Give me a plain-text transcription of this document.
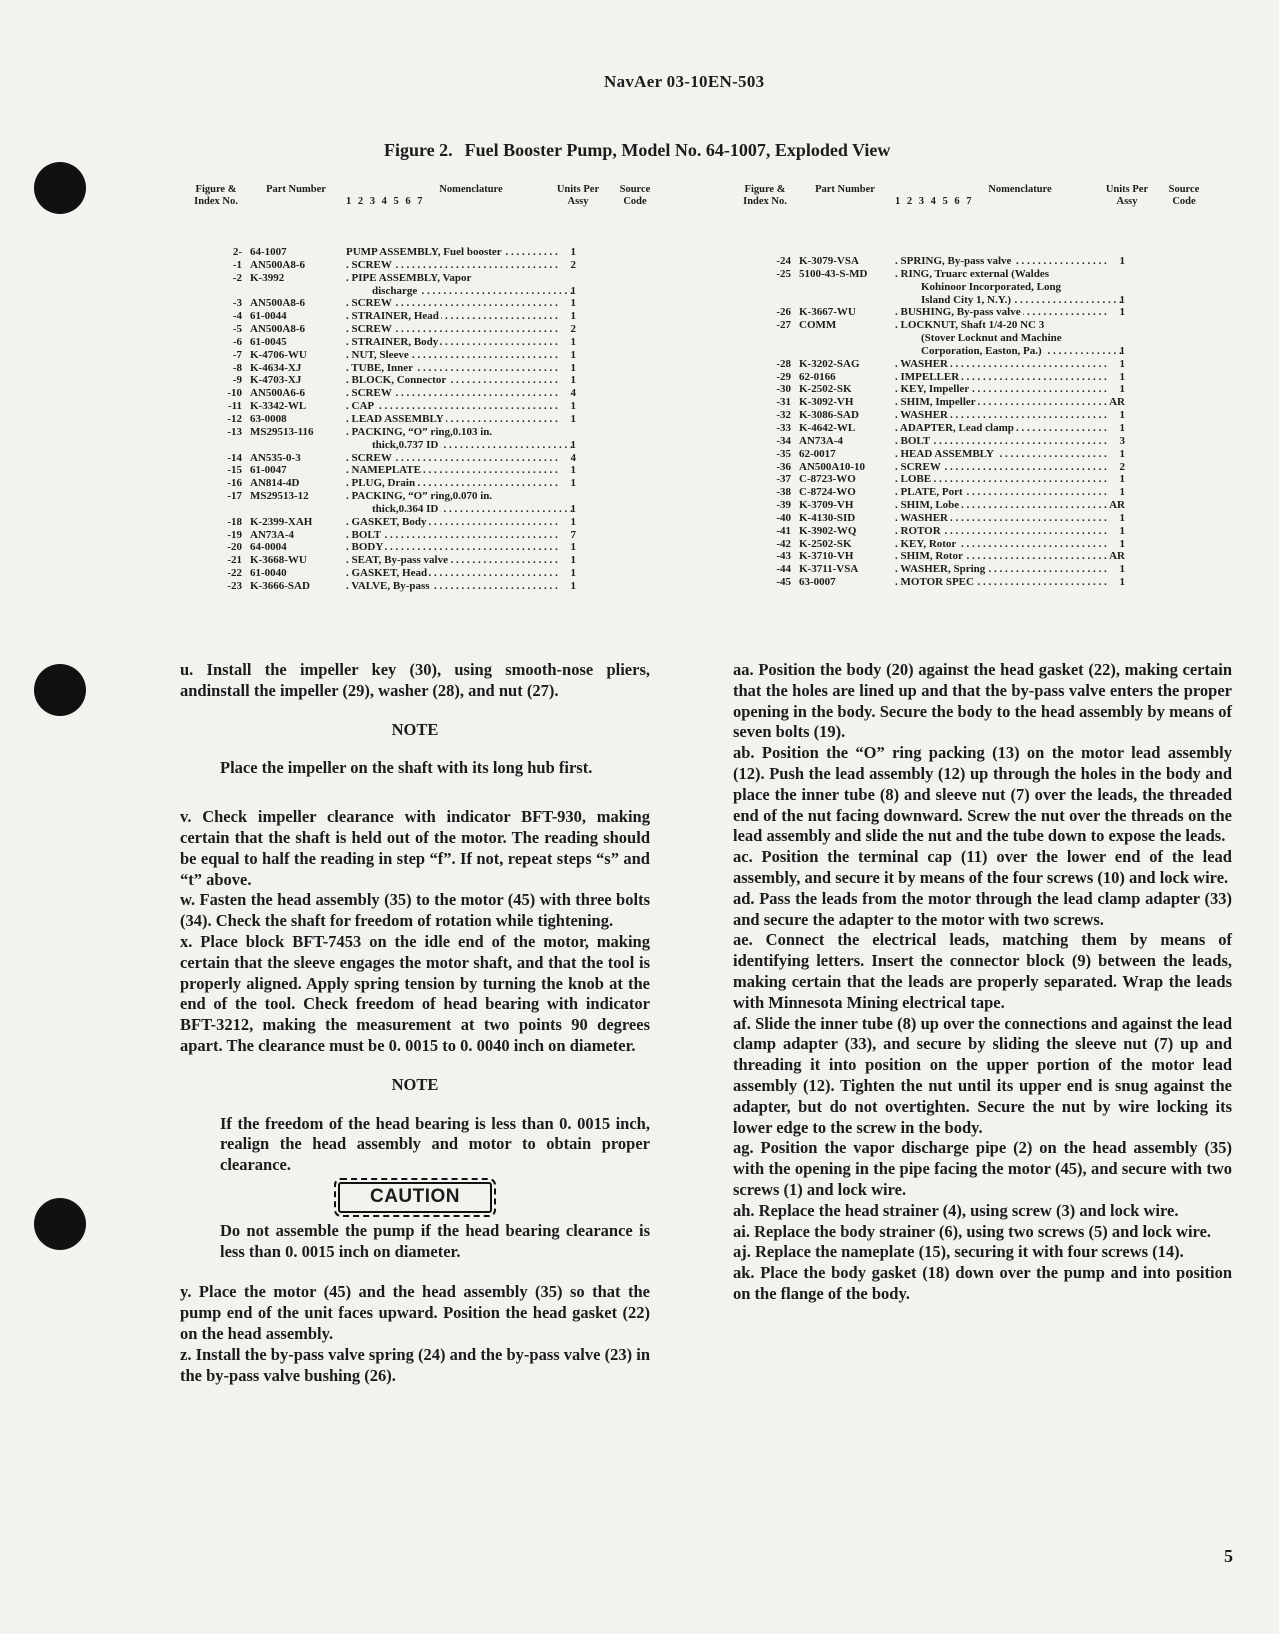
NavAer 03-10EN-503
Figure 2. Fuel Booster Pump, Model No. 64-1007, Exploded View
Figure & Index No.
Part Number	Nomenclature
1 2 3 4 5 6 7
Units Per Assy
Source Code
2- 64-1007	PUMP ASSEMBLY, Fuel booster . . .	1
-1 AN500A8-6	. SCREW . . .	2
-2 K-3992	. PIPE ASSEMBLY, Vapor
discharge . . .	1
-3 AN500A8-6	. SCREW . . .	1
-4 61-0044	. STRAINER, Head . . .	1
-5 AN500A8-6	. SCREW . . .	2
-6 61-0045	. STRAINER, Body . . .	1
-7 K-4706-WU	. NUT, Sleeve . . .	1
-8 K-4634-XJ	. TUBE, Inner . . .	1
-9 K-4703-XJ	. BLOCK, Connector . . .	1
-10 AN500A6-6	. SCREW . . .	4
-11 K-3342-WL	. CAP . . .	1
-12 63-0008	. LEAD ASSEMBLY . . .	1
-13 MS29513-116	. PACKING, “O” ring,0.103 in.
thick,0.737 ID . . .	1
-14 AN535-0-3	. SCREW . . .	4
-15 61-0047	. NAMEPLATE . . .	1
-16 AN814-4D	. PLUG, Drain . . .	1
-17 MS29513-12	. PACKING, “O” ring,0.070 in.
thick,0.364 ID . . .	1
-18 K-2399-XAH	. GASKET, Body . . .	1
-19 AN73A-4	. BOLT . . .	7
-20 64-0004	. BODY . . .	1
-21 K-3668-WU	. SEAT, By-pass valve . . .	1
-22 61-0040	. GASKET, Head . . .	1
-23 K-3666-SAD	. VALVE, By-pass . . .	1
Figure & Index No.
Part Number	Nomenclature
1 2 3 4 5 6 7
Units Per Assy
Source Code
-24 K-3079-VSA	. SPRING, By-pass valve . . .	1
-25 5100-43-S-MD	. RING, Truarc external (Waldes
Kohinoor Incorporated, Long
Island City 1, N.Y.) . . .	1
-26 K-3667-WU	. BUSHING, By-pass valve . . .	1
-27 COMM	. LOCKNUT, Shaft 1/4-20 NC 3
(Stover Locknut and Machine
Corporation, Easton, Pa.) . . .	1
-28 K-3202-SAG	. WASHER . . .	1
-29 62-0166	. IMPELLER . . .	1
-30 K-2502-SK	. KEY, Impeller . . .	1
-31 K-3092-VH	. SHIM, Impeller . . .	AR
-32 K-3086-SAD	. WASHER . . .	1
-33 K-4642-WL	. ADAPTER, Lead clamp . . .	1
-34 AN73A-4	. BOLT . . .	3
-35 62-0017	. HEAD ASSEMBLY . . .	1
-36 AN500A10-10	. SCREW . . .	2
-37 C-8723-WO	. LOBE . . .	1
-38 C-8724-WO	. PLATE, Port . . .	1
-39 K-3709-VH	. SHIM, Lobe . . .	AR
-40 K-4130-SID	. WASHER . . .	1
-41 K-3902-WQ	. ROTOR . . .	1
-42 K-2502-SK	. KEY, Rotor . . .	1
-43 K-3710-VH	. SHIM, Rotor . . .	AR
-44 K-3711-VSA	. WASHER, Spring . . .	1
-45 63-0007	. MOTOR SPEC . . .	1

u. Install the impeller key (30), using smooth-nose pliers, andinstall the impeller (29), washer (28), and nut (27).

NOTE

Place the impeller on the shaft with its long hub first.

v. Check impeller clearance with indicator BFT-930, making certain that the shaft is held out of the motor. The reading should be equal to half the reading in step “f”. If not, repeat steps “s” and “t” above.

w. Fasten the head assembly (35) to the motor (45) with three bolts (34). Check the shaft for freedom of rotation while tightening.

x. Place block BFT-7453 on the idle end of the motor, making certain that the sleeve engages the motor shaft, and that the tool is properly aligned. Apply spring tension by turning the knob at the end of the tool. Check freedom of head bearing with indicator BFT-3212, making the measurement at two points 90 degrees apart. The clearance must be 0. 0015 to 0. 0040 inch on diameter.

NOTE

If the freedom of the head bearing is less than 0. 0015 inch, realign the head assembly and motor to obtain proper clearance.

CAUTION

Do not assemble the pump if the head bearing clearance is less than 0. 0015 inch on diameter.

y. Place the motor (45) and the head assembly (35) so that the pump end of the unit faces upward. Position the head gasket (22) on the head assembly.

z. Install the by-pass valve spring (24) and the by-pass valve (23) in the by-pass valve bushing (26).

aa. Position the body (20) against the head gasket (22), making certain that the holes are lined up and that the by-pass valve enters the proper opening in the body. Secure the body to the head assembly by means of seven bolts (19).

ab. Position the “O” ring packing (13) on the motor lead assembly (12). Push the lead assembly (12) up through the holes in the body and place the inner tube (8) and sleeve nut (7) over the leads, the threaded end of the nut facing downward. Screw the nut over the threads on the lead assembly and slide the nut and the tube down to expose the leads.

ac. Position the terminal cap (11) over the lower end of the lead assembly, and secure it by means of the four screws (10) and lock wire.

ad. Pass the leads from the motor through the lead clamp adapter (33) and secure the adapter to the motor with two screws.

ae. Connect the electrical leads, matching them by means of identifying letters. Insert the connector block (9) between the leads, making certain that the leads are properly separated. Wrap the leads with Minnesota Mining electrical tape.

af. Slide the inner tube (8) up over the connections and against the lead clamp adapter (33), and secure by sliding the sleeve nut (7) up and threading it into position on the upper portion of the motor lead assembly (12). Tighten the nut until its upper end is snug against the adapter, but do not overtighten. Secure the nut by wire locking its lower edge to the screw in the body.

ag. Position the vapor discharge pipe (2) on the head assembly (35) with the opening in the pipe facing the motor (45), and secure with two screws (1) and lock wire.

ah. Replace the head strainer (4), using screw (3) and lock wire.

ai. Replace the body strainer (6), using two screws (5) and lock wire.

aj. Replace the nameplate (15), securing it with four screws (14).

ak. Place the body gasket (18) down over the pump and into position on the flange of the body.

5
